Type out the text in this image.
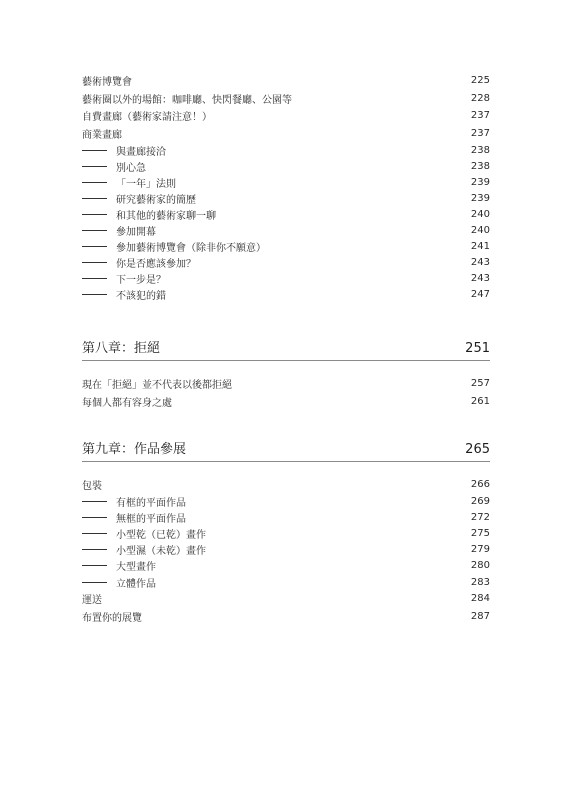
藝術博覽會	225
藝術圈以外的場館：咖啡廳、快閃餐廳、公園等	228
自費畫廊（藝術家請注意！）	237
商業畫廊	237
與畫廊接洽	238
別心急	238
「一年」法則	239
研究藝術家的簡歷	239
和其他的藝術家聊一聊	240
參加開幕	240
參加藝術博覽會（除非你不願意）	241
你是否應該參加？	243
下一步是？	243
不該犯的錯	247
第八章：拒絕	251
現在「拒絕」並不代表以後都拒絕	257
每個人都有容身之處	261
第九章：作品參展	265
包裝	266
有框的平面作品	269
無框的平面作品	272
小型乾（已乾）畫作	275
小型濕（未乾）畫作	279
大型畫作	280
立體作品	283
運送	284
布置你的展覽	287
